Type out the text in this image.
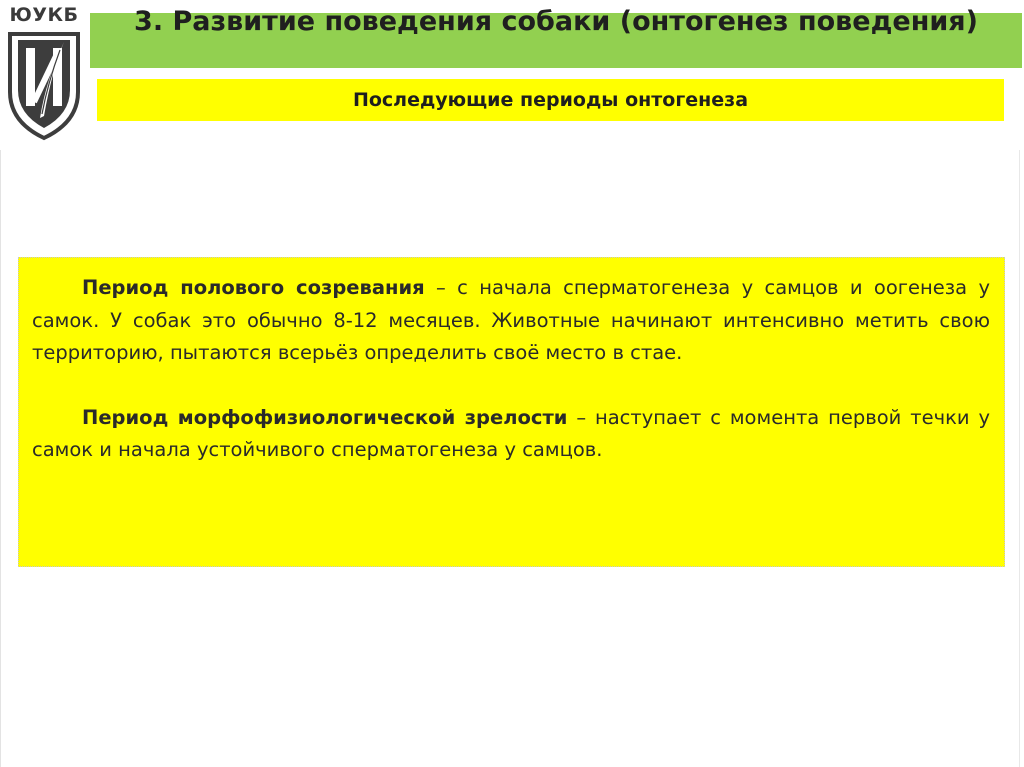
ЮУКБ	3. Развитие поведения собаки (онтогенез поведения)
Последующие периоды онтогенеза

Период полового созревания – с начала сперматогенеза у самцов и оогенеза у самок. У собак это обычно 8-12 месяцев. Животные начинают интенсивно метить свою территорию, пытаются всерьёз определить своё место в стае.

Период морфофизиологической зрелости – наступает с момента первой течки у самок и начала устойчивого сперматогенеза у самцов.
